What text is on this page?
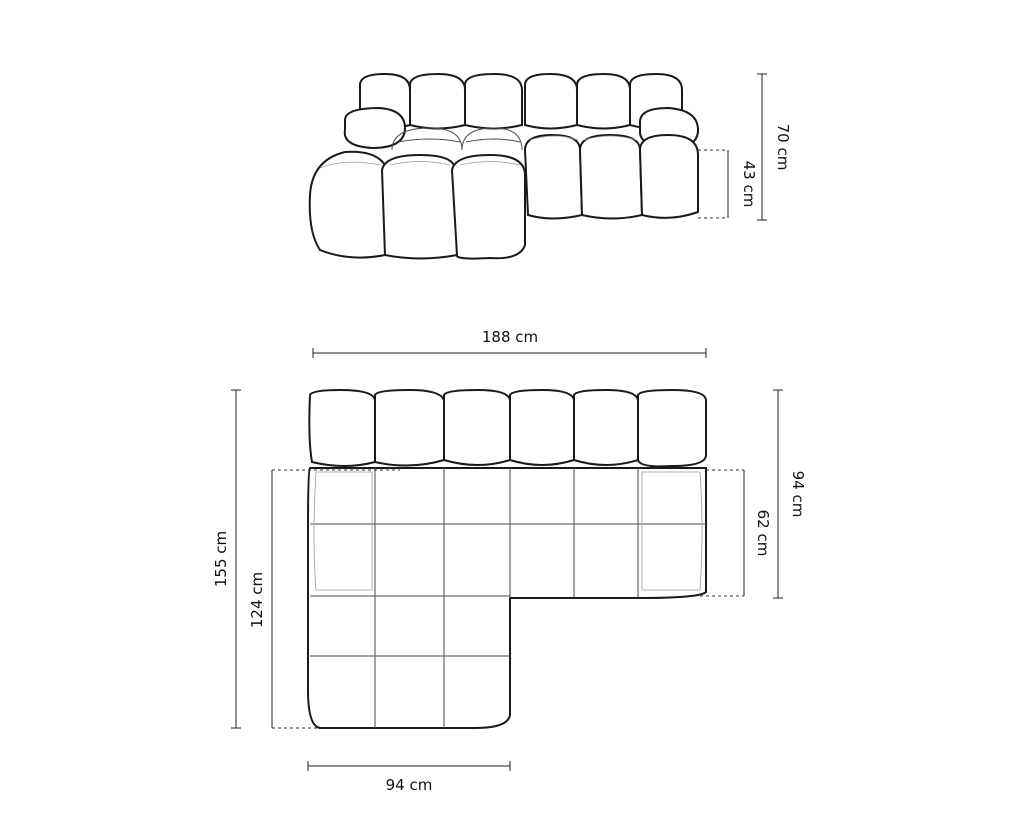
70 cm
43 cm
188 cm
155 cm
124 cm
94 cm
62 cm
94 cm
